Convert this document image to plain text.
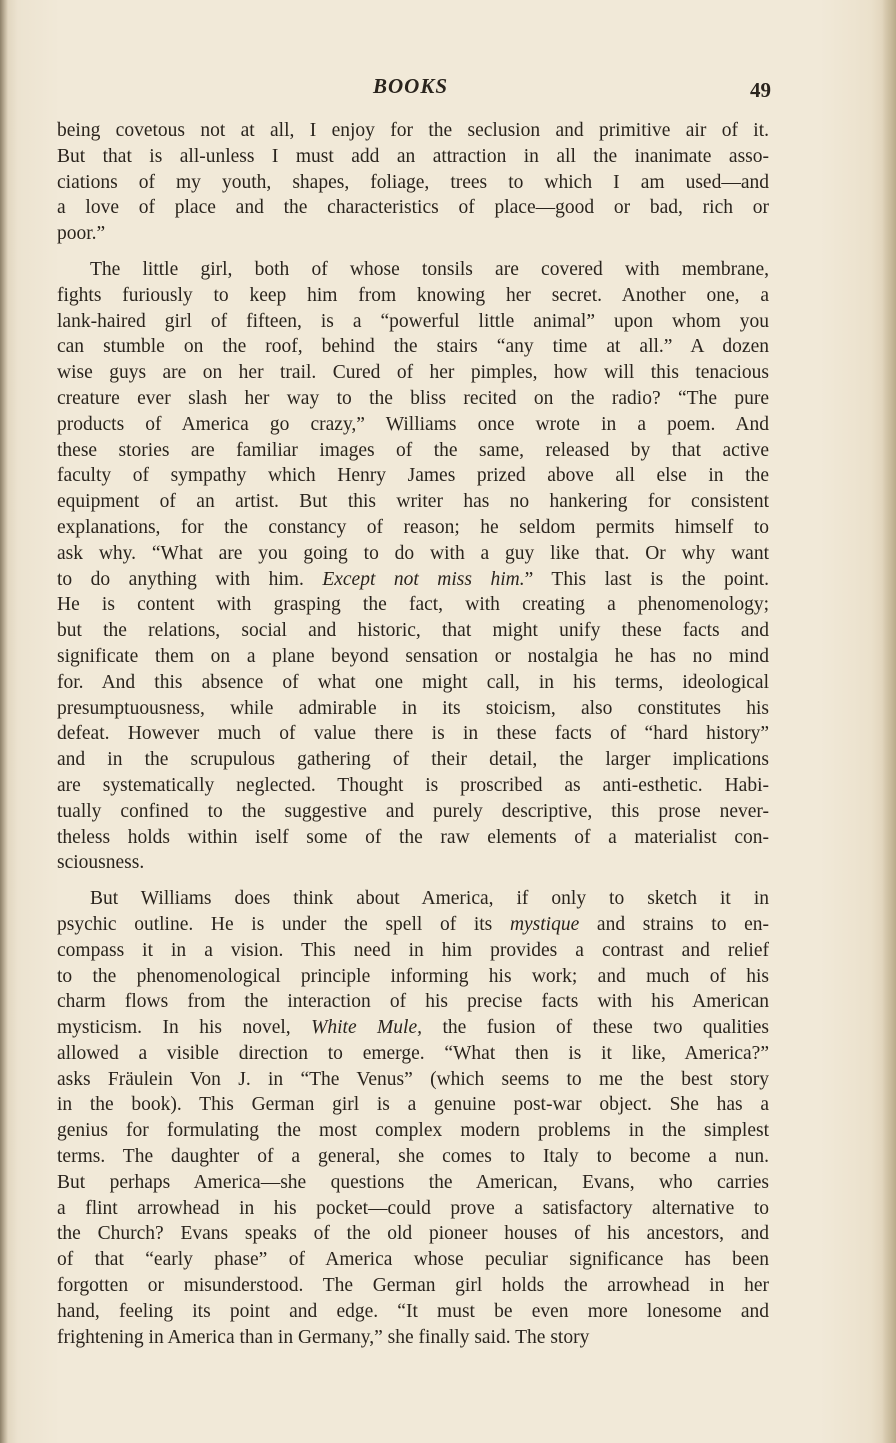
BOOKS	49
being covetous not at all, I enjoy for the seclusion and primitive air of it.
But that is all-unless I must add an attraction in all the inanimate asso-
ciations of my youth, shapes, foliage, trees to which I am used—and
a love of place and the characteristics of place—good or bad, rich or
poor.”
The little girl, both of whose tonsils are covered with membrane,
fights furiously to keep him from knowing her secret. Another one, a
lank-haired girl of fifteen, is a “powerful little animal” upon whom you
can stumble on the roof, behind the stairs “any time at all.” A dozen
wise guys are on her trail. Cured of her pimples, how will this tenacious
creature ever slash her way to the bliss recited on the radio? “The pure
products of America go crazy,” Williams once wrote in a poem. And
these stories are familiar images of the same, released by that active
faculty of sympathy which Henry James prized above all else in the
equipment of an artist. But this writer has no hankering for consistent
explanations, for the constancy of reason; he seldom permits himself to
ask why. “What are you going to do with a guy like that. Or why want
to do anything with him. Except not miss him.” This last is the point.
He is content with grasping the fact, with creating a phenomenology;
but the relations, social and historic, that might unify these facts and
significate them on a plane beyond sensation or nostalgia he has no mind
for. And this absence of what one might call, in his terms, ideological
presumptuousness, while admirable in its stoicism, also constitutes his
defeat. However much of value there is in these facts of “hard history”
and in the scrupulous gathering of their detail, the larger implications
are systematically neglected. Thought is proscribed as anti-esthetic. Habi-
tually confined to the suggestive and purely descriptive, this prose never-
theless holds within iself some of the raw elements of a materialist con-
sciousness.
But Williams does think about America, if only to sketch it in
psychic outline. He is under the spell of its mystique and strains to en-
compass it in a vision. This need in him provides a contrast and relief
to the phenomenological principle informing his work; and much of his
charm flows from the interaction of his precise facts with his American
mysticism. In his novel, White Mule, the fusion of these two qualities
allowed a visible direction to emerge. “What then is it like, America?”
asks Fräulein Von J. in “The Venus” (which seems to me the best story
in the book). This German girl is a genuine post-war object. She has a
genius for formulating the most complex modern problems in the simplest
terms. The daughter of a general, she comes to Italy to become a nun.
But perhaps America—she questions the American, Evans, who carries
a flint arrowhead in his pocket—could prove a satisfactory alternative to
the Church? Evans speaks of the old pioneer houses of his ancestors, and
of that “early phase” of America whose peculiar significance has been
forgotten or misunderstood. The German girl holds the arrowhead in her
hand, feeling its point and edge. “It must be even more lonesome and
frightening in America than in Germany,” she finally said. The story
